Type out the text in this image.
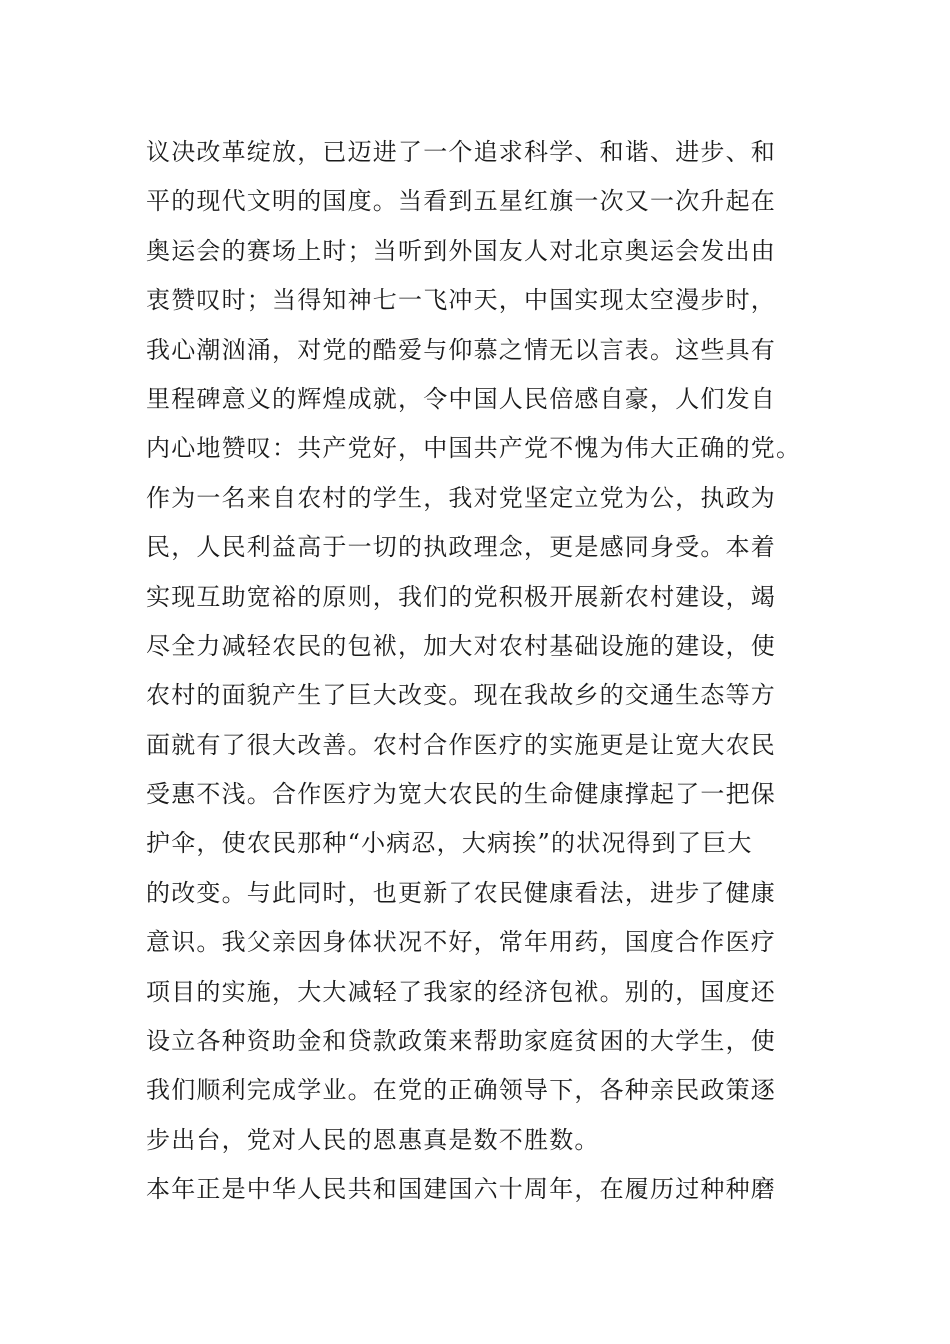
议决改革绽放，已迈进了一个追求科学、和谐、进步、和
平的现代文明的国度。当看到五星红旗一次又一次升起在
奥运会的赛场上时；当听到外国友人对北京奥运会发出由
衷赞叹时；当得知神七一飞冲天，中国实现太空漫步时，
我心潮汹涌，对党的酷爱与仰慕之情无以言表。这些具有
里程碑意义的辉煌成就，令中国人民倍感自豪，人们发自
内心地赞叹：共产党好，中国共产党不愧为伟大正确的党。
作为一名来自农村的学生，我对党坚定立党为公，执政为
民，人民利益高于一切的执政理念，更是感同身受。本着
实现互助宽裕的原则，我们的党积极开展新农村建设，竭
尽全力减轻农民的包袱，加大对农村基础设施的建设，使
农村的面貌产生了巨大改变。现在我故乡的交通生态等方
面就有了很大改善。农村合作医疗的实施更是让宽大农民
受惠不浅。合作医疗为宽大农民的生命健康撑起了一把保
护伞，使农民那种“小病忍，大病挨”的状况得到了巨大
的改变。与此同时，也更新了农民健康看法，进步了健康
意识。我父亲因身体状况不好，常年用药，国度合作医疗
项目的实施，大大减轻了我家的经济包袱。别的，国度还
设立各种资助金和贷款政策来帮助家庭贫困的大学生，使
我们顺利完成学业。在党的正确领导下，各种亲民政策逐
步出台，党对人民的恩惠真是数不胜数。
本年正是中华人民共和国建国六十周年，在履历过种种磨
